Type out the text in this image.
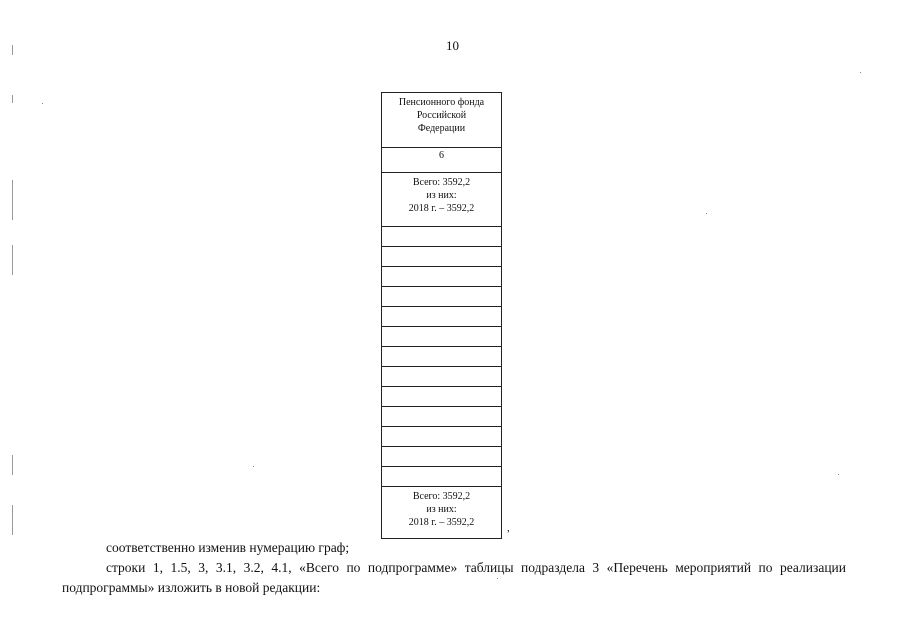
10
Пенсионного фонда
Российской
Федерации
6
Всего: 3592,2
из них:
2018 г. – 3592,2
Всего: 3592,2
из них:
2018 г. – 3592,2	,
соответственно изменив нумерацию граф;
строки 1, 1.5, 3, 3.1, 3.2, 4.1, «Всего по подпрограмме» таблицы подраздела 3 «Перечень мероприятий по реализации подпрограммы» изложить в новой редакции:
